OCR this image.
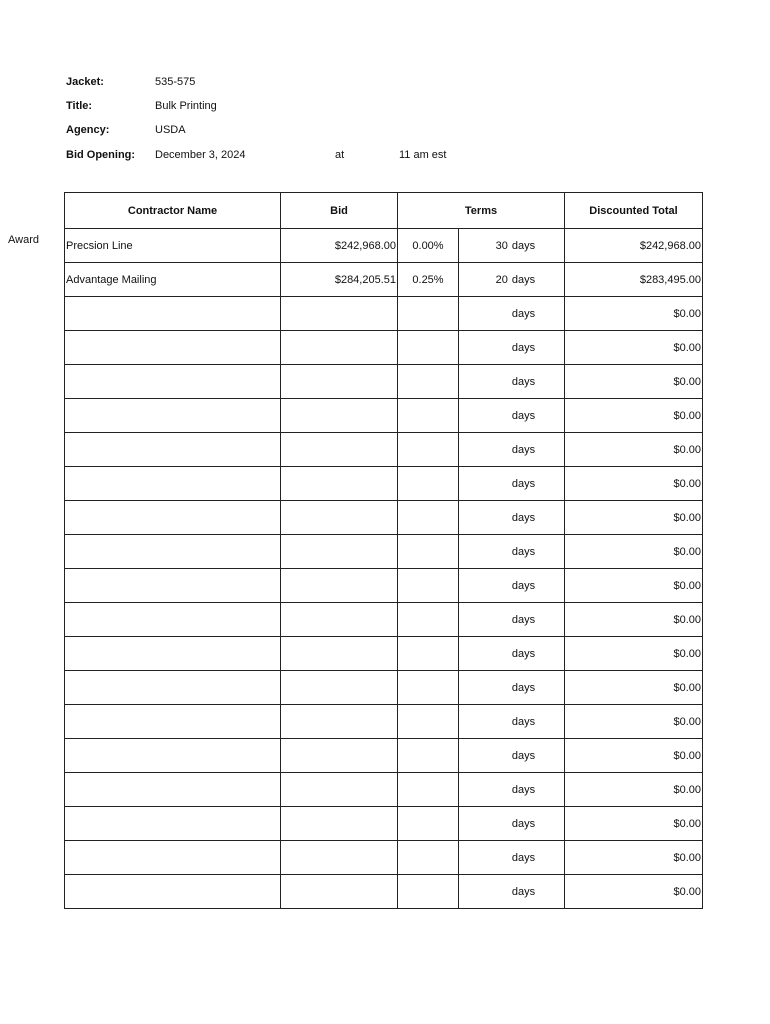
Jacket:	535-575
Title:	Bulk Printing
Agency:	USDA
Bid Opening: December 3, 2024	at	11 am est
Award
Contractor Name	Bid	Terms		Discounted Total
Precsion Line	$242,968.00	0.00%	30 days	$242,968.00
Advantage Mailing	$284,205.51	0.25%	20 days	$283,495.00
			days	$0.00
			days	$0.00
			days	$0.00
			days	$0.00
			days	$0.00
			days	$0.00
			days	$0.00
			days	$0.00
			days	$0.00
			days	$0.00
			days	$0.00
			days	$0.00
			days	$0.00
			days	$0.00
			days	$0.00
			days	$0.00
			days	$0.00
			days	$0.00
